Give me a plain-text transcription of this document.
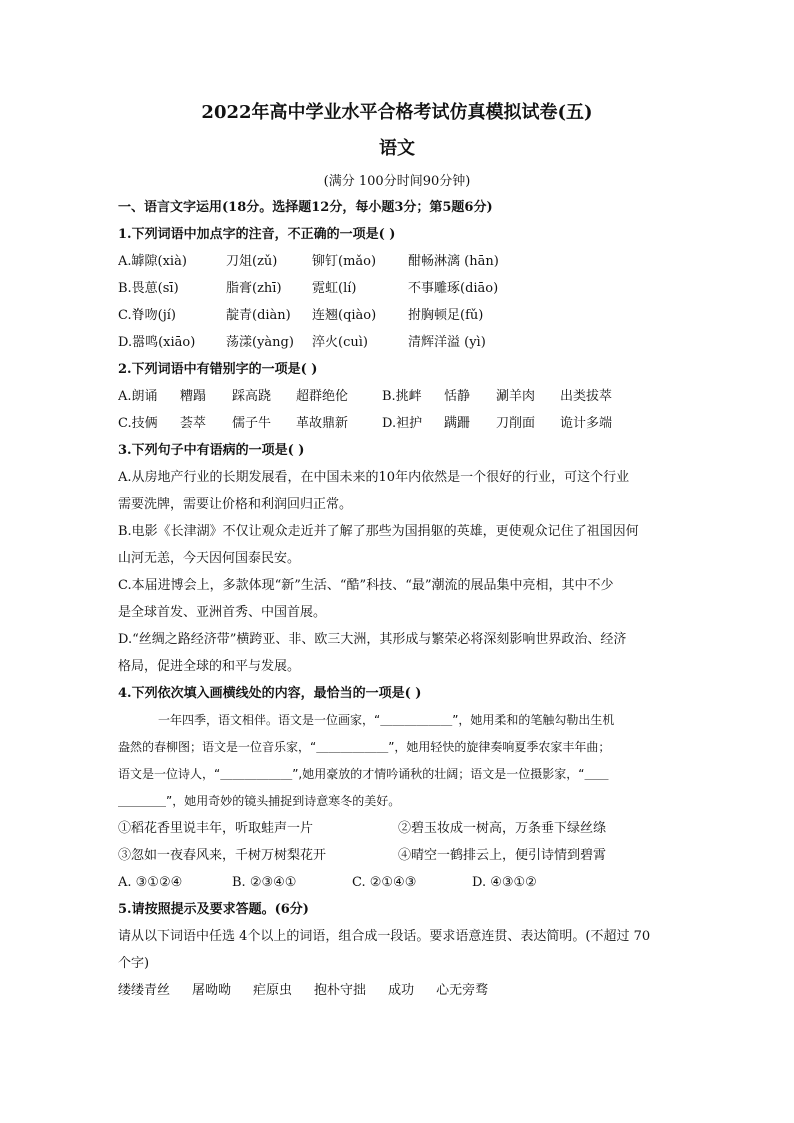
2022年高中学业水平合格考试仿真模拟试卷(五)
语文
(满分 100分时间90分钟)
一、语言文字运用(18分。选择题12分，每小题3分；第5题6分)
1.下列词语中加点字的注音，不正确的一项是( )
A.罅隙(xià)	刀俎(zǔ)	铆钉(mǎo) 酣畅淋漓 (hān)
B.畏葸(sī)	脂膏(zhī) 霓虹(lí)	不事雕琢(diāo)
C.脊吻(jí)	靛青(diàn) 连翘(qiào) 拊胸顿足(fǔ)
D.嚣鸣(xiāo) 荡漾(yàng) 淬火(cuì)	清辉洋溢 (yì)
2.下列词语中有错别字的一项是( )
A.朗诵 糟蹋 踩高跷 超群绝伦	B.挑衅 恬静 涮羊肉 出类拔萃
C.技俩 荟萃 儒子牛 革故鼎新	D.袒护 蹒跚 刀削面 诡计多端
3.下列句子中有语病的一项是( )
A.从房地产行业的长期发展看，在中国未来的10年内依然是一个很好的行业，可这个行业
需要洗牌，需要让价格和利润回归正常。
B.电影《长津湖》不仅让观众走近并了解了那些为国捐躯的英雄，更使观众记住了祖国因何
山河无恙，今天因何国泰民安。
C.本届进博会上，多款体现“新”生活、“酷”科技、“最”潮流的展品集中亮相，其中不少
是全球首发、亚洲首秀、中国首展。
D.“丝绸之路经济带”横跨亚、非、欧三大洲，其形成与繁荣必将深刻影响世界政治、经济
格局，促进全球的和平与发展。
4.下列依次填入画横线处的内容，最恰当的一项是( )
一年四季，语文相伴。语文是一位画家，“＿＿＿＿＿＿”，她用柔和的笔触勾勒出生机
盎然的春柳图；语文是一位音乐家，“＿＿＿＿＿＿”，她用轻快的旋律奏响夏季农家丰年曲；
语文是一位诗人，“＿＿＿＿＿＿”,她用豪放的才情吟诵秋的壮阔；语文是一位摄影家，“＿＿
＿＿＿＿”，她用奇妙的镜头捕捉到诗意寒冬的美好。
①稻花香里说丰年，听取蛙声一片	②碧玉妆成一树高，万条垂下绿丝绦
③忽如一夜春风来，千树万树梨花开	④晴空一鹤排云上，便引诗情到碧霄
A. ③①②④	B. ②③④①	C. ②①④③	D. ④③①②
5.请按照提示及要求答题。(6分)
请从以下词语中任选 4个以上的词语，组合成一段话。要求语意连贯、表达简明。(不超过 70
个字)
缕缕青丝 屠呦呦 疟原虫 抱朴守拙 成功 心无旁骛
